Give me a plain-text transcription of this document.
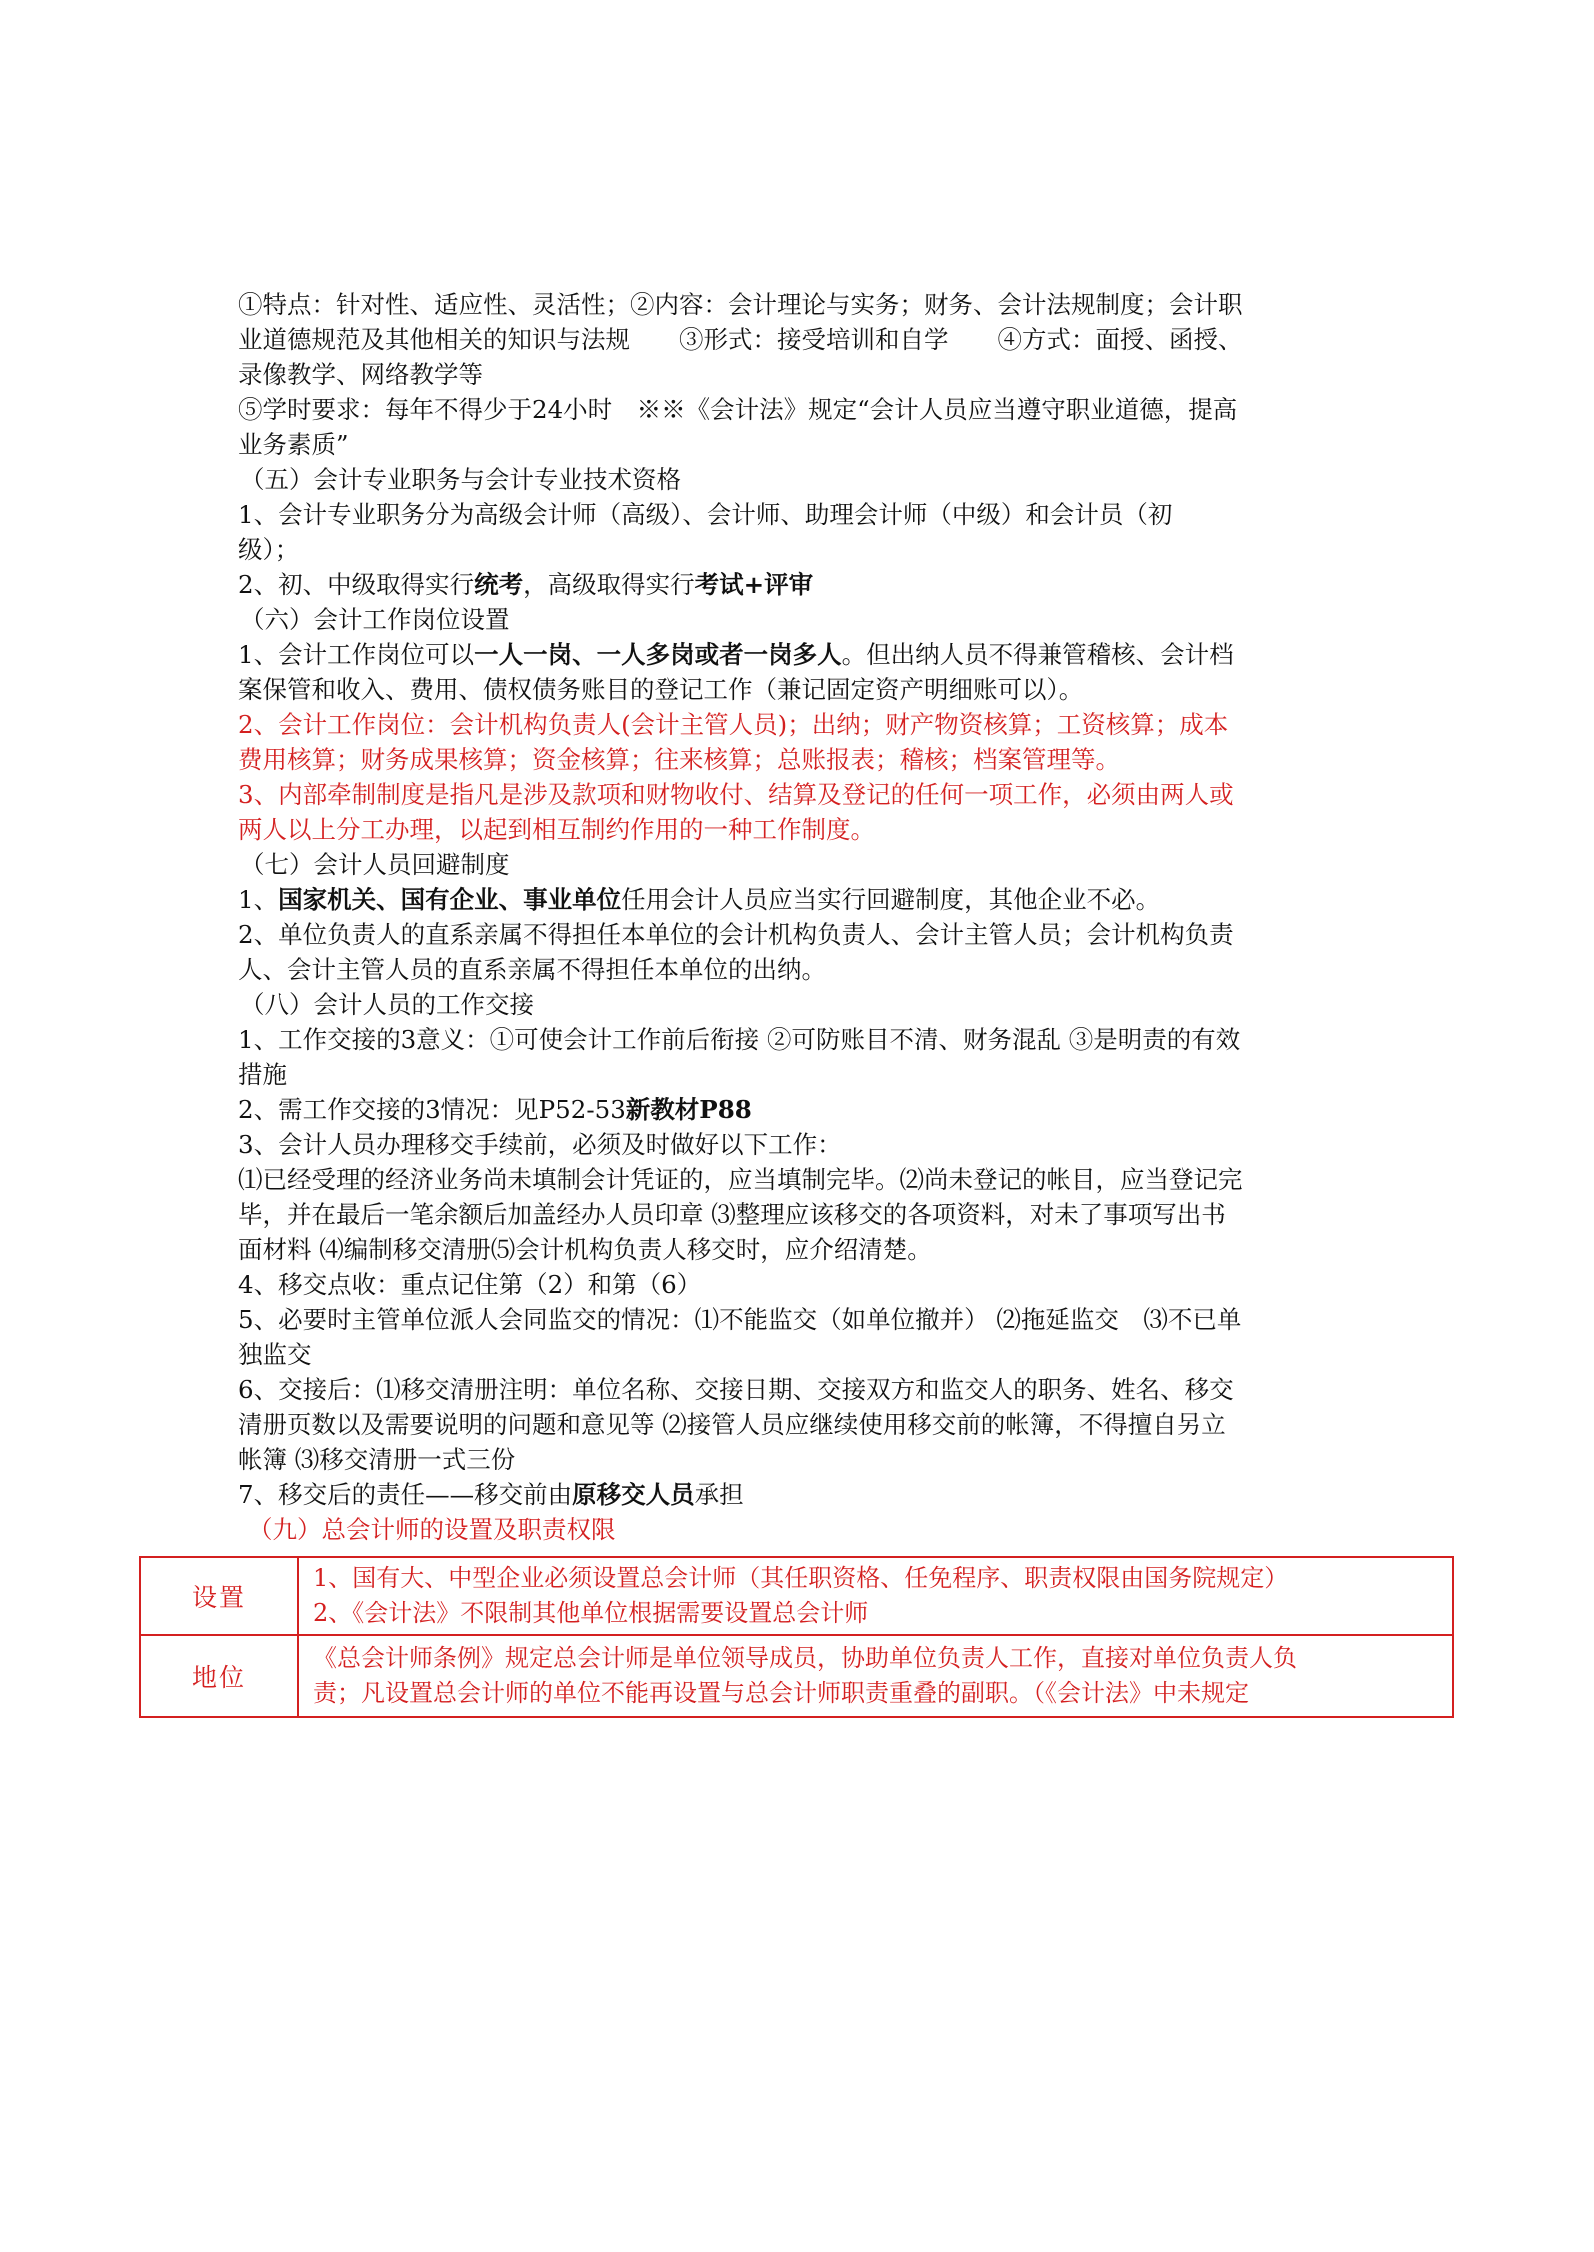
①特点：针对性、适应性、灵活性；②内容：会计理论与实务；财务、会计法规制度；会计职
业道德规范及其他相关的知识与法规　　③形式：接受培训和自学　　④方式：面授、函授、
录像教学、网络教学等
⑤学时要求：每年不得少于24小时　※※《会计法》规定“会计人员应当遵守职业道德，提高
业务素质”
（五）会计专业职务与会计专业技术资格
1、会计专业职务分为高级会计师（高级）、会计师、助理会计师（中级）和会计员（初
级）；
2、初、中级取得实行统考，高级取得实行考试+评审
（六）会计工作岗位设置
1、会计工作岗位可以一人一岗、一人多岗或者一岗多人。但出纳人员不得兼管稽核、会计档
案保管和收入、费用、债权债务账目的登记工作（兼记固定资产明细账可以）。
2、会计工作岗位：会计机构负责人(会计主管人员)；出纳；财产物资核算；工资核算；成本
费用核算；财务成果核算；资金核算；往来核算；总账报表；稽核；档案管理等。
3、内部牵制制度是指凡是涉及款项和财物收付、结算及登记的任何一项工作，必须由两人或
两人以上分工办理，以起到相互制约作用的一种工作制度。
（七）会计人员回避制度
1、国家机关、国有企业、事业单位任用会计人员应当实行回避制度，其他企业不必。
2、单位负责人的直系亲属不得担任本单位的会计机构负责人、会计主管人员；会计机构负责
人、会计主管人员的直系亲属不得担任本单位的出纳。
（八）会计人员的工作交接
1、工作交接的3意义：①可使会计工作前后衔接 ②可防账目不清、财务混乱 ③是明责的有效
措施
2、需工作交接的3情况：见P52-53新教材P88
3、会计人员办理移交手续前，必须及时做好以下工作：
⑴已经受理的经济业务尚未填制会计凭证的，应当填制完毕。⑵尚未登记的帐目，应当登记完
毕，并在最后一笔余额后加盖经办人员印章 ⑶整理应该移交的各项资料，对未了事项写出书
面材料 ⑷编制移交清册⑸会计机构负责人移交时，应介绍清楚。
4、移交点收：重点记住第（2）和第（6）
5、必要时主管单位派人会同监交的情况：⑴不能监交（如单位撤并） ⑵拖延监交　⑶不已单
独监交
6、交接后：⑴移交清册注明：单位名称、交接日期、交接双方和监交人的职务、姓名、移交
清册页数以及需要说明的问题和意见等 ⑵接管人员应继续使用移交前的帐簿，不得擅自另立
帐簿 ⑶移交清册一式三份
7、移交后的责任——移交前由原移交人员承担
（九）总会计师的设置及职责权限
设置	1、国有大、中型企业必须设置总会计师（其任职资格、任免程序、职责权限由国务院规定）
2、《会计法》不限制其他单位根据需要设置总会计师

地位	《总会计师条例》规定总会计师是单位领导成员，协助单位负责人工作，直接对单位负责人负
责；凡设置总会计师的单位不能再设置与总会计师职责重叠的副职。（《会计法》中未规定
